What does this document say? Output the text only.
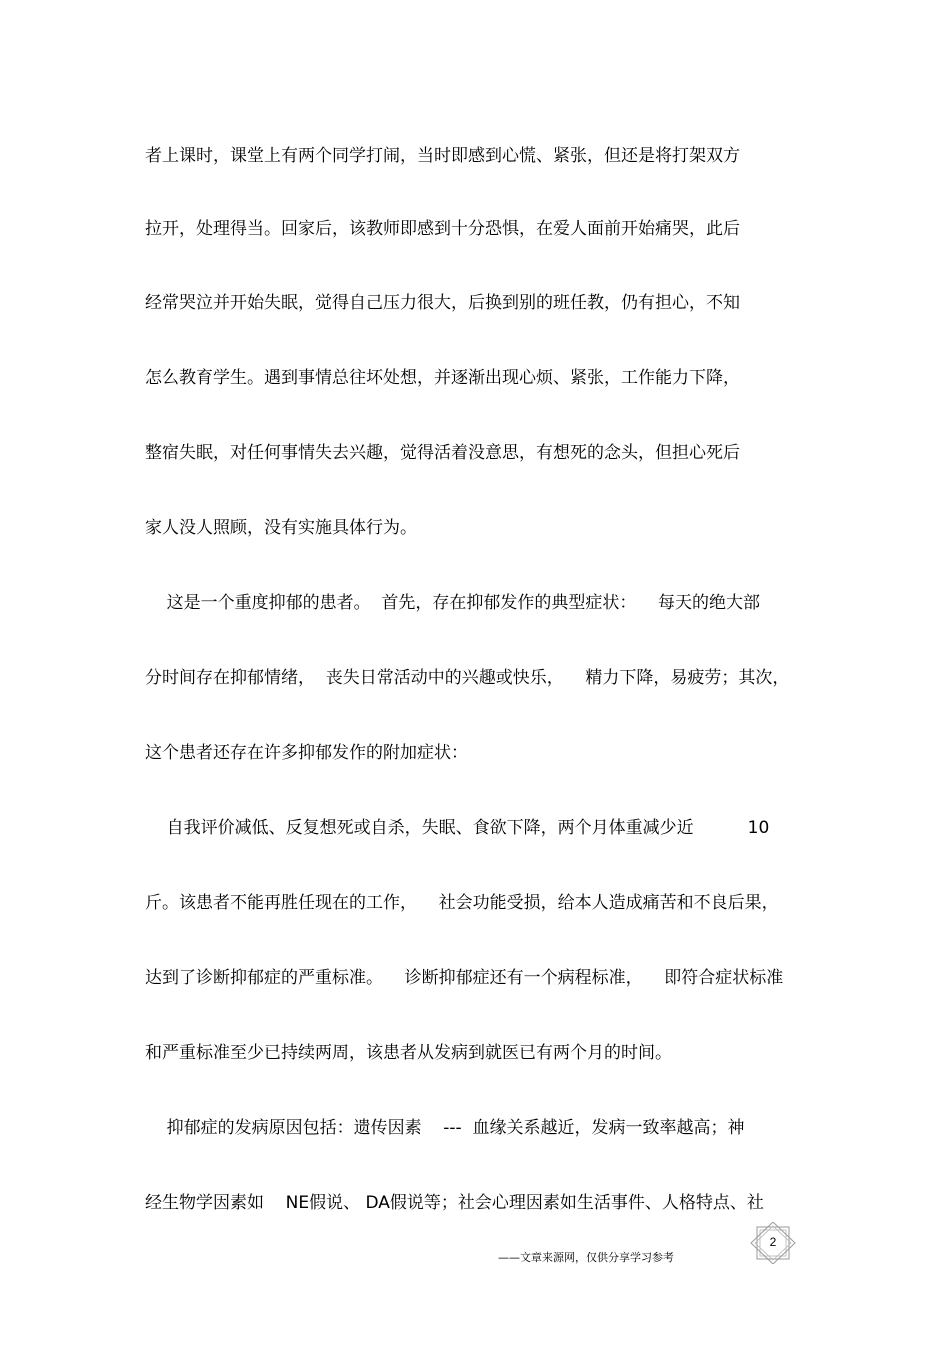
者上课时，课堂上有两个同学打闹，当时即感到心慌、紧张，但还是将打架双方
拉开，处理得当。回家后，该教师即感到十分恐惧，在爱人面前开始痛哭，此后
经常哭泣并开始失眠，觉得自己压力很大，后换到别的班任教，仍有担心，不知
怎么教育学生。遇到事情总往坏处想，并逐渐出现心烦、紧张，工作能力下降，
整宿失眠，对任何事情失去兴趣，觉得活着没意思，有想死的念头，但担心死后
家人没人照顾，没有实施具体行为。
这是一个重度抑郁的患者。  首先，存在抑郁发作的典型症状：    每天的绝大部
分时间存在抑郁情绪，  丧失日常活动中的兴趣或快乐，    精力下降，易疲劳；其次，
这个患者还存在许多抑郁发作的附加症状：
自我评价减低、反复想死或自杀，失眠、食欲下降，两个月体重减少近          10
斤。该患者不能再胜任现在的工作，    社会功能受损，给本人造成痛苦和不良后果，
达到了诊断抑郁症的严重标准。    诊断抑郁症还有一个病程标准，    即符合症状标准
和严重标准至少已持续两周，该患者从发病到就医已有两个月的时间。
抑郁症的发病原因包括：遗传因素    ---  血缘关系越近，发病一致率越高；神
经生物学因素如    NE假说、 DA假说等；社会心理因素如生活事件、人格特点、社
——文章来源网，仅供分享学习参考
2
